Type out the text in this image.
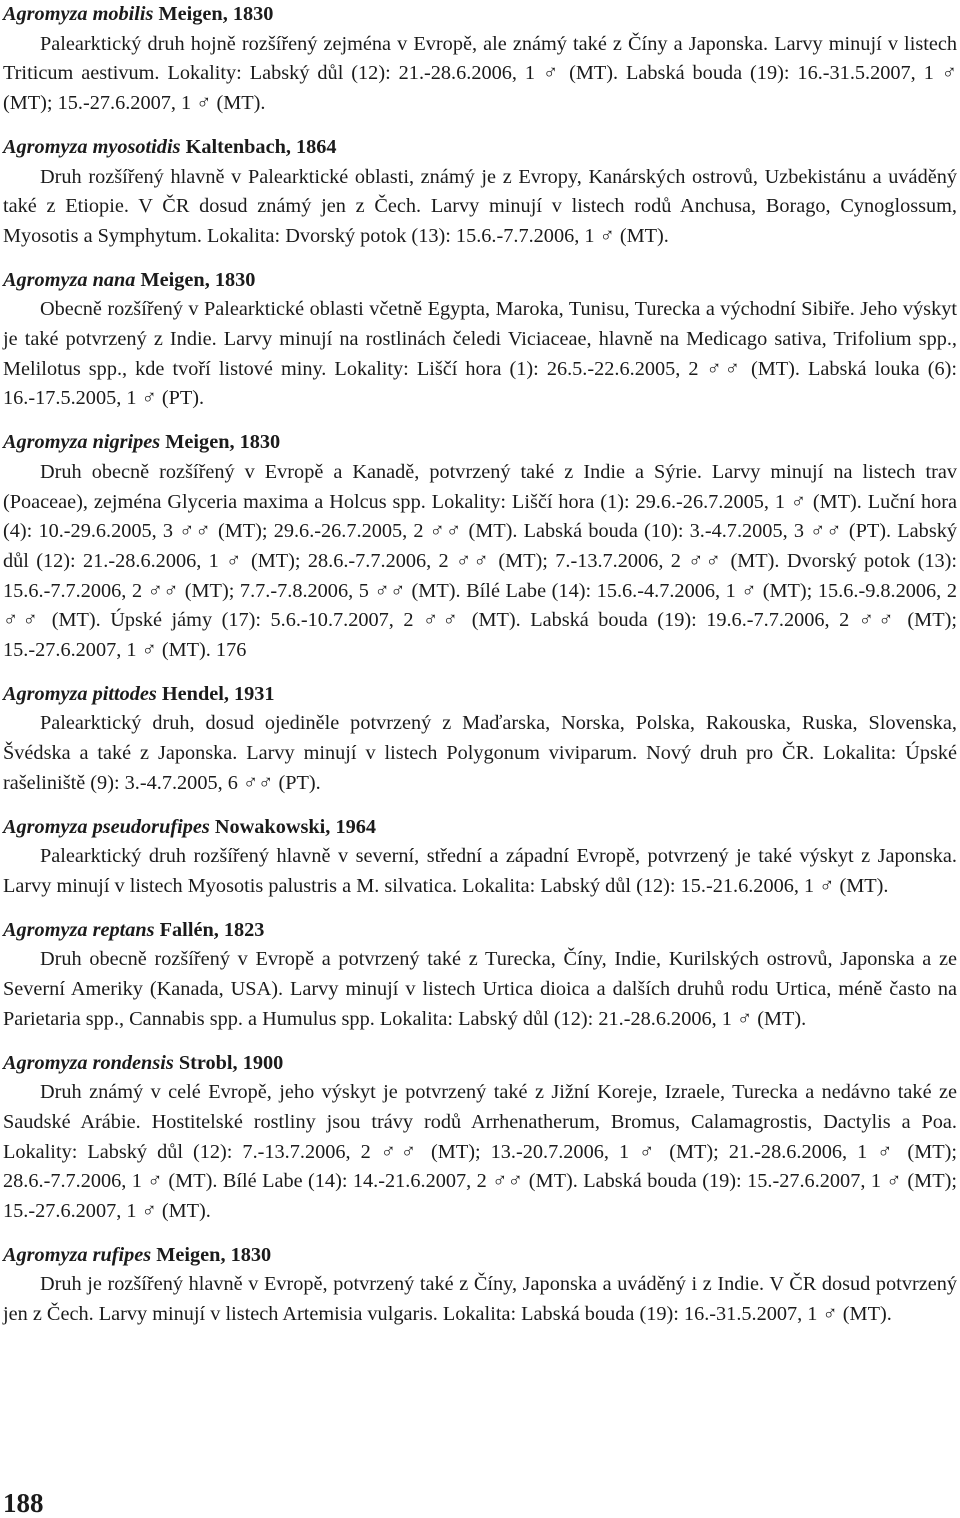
Agromyza mobilis Meigen, 1830

Palearktický druh hojně rozšířený zejména v Evropě, ale známý také z Číny a Japonska. Larvy minují v listech Triticum aestivum. Lokality: Labský důl (12): 21.-28.6.2006, 1 ♂ (MT). Labská bouda (19): 16.-31.5.2007, 1 ♂ (MT); 15.-27.6.2007, 1 ♂ (MT).

Agromyza myosotidis Kaltenbach, 1864

Druh rozšířený hlavně v Palearktické oblasti, známý je z Evropy, Kanárských ostrovů, Uzbekistánu a uváděný také z Etiopie. V ČR dosud známý jen z Čech. Larvy minují v listech rodů Anchusa, Borago, Cynoglossum, Myosotis a Symphytum. Lokalita: Dvorský potok (13): 15.6.-7.7.2006, 1 ♂ (MT).

Agromyza nana Meigen, 1830

Obecně rozšířený v Palearktické oblasti včetně Egypta, Maroka, Tunisu, Turecka a východní Sibiře. Jeho výskyt je také potvrzený z Indie. Larvy minují na rostlinách čeledi Viciaceae, hlavně na Medicago sativa, Trifolium spp., Melilotus spp., kde tvoří listové miny. Lokality: Liščí hora (1): 26.5.-22.6.2005, 2 ♂♂ (MT). Labská louka (6): 16.-17.5.2005, 1 ♂ (PT).

Agromyza nigripes Meigen, 1830

Druh obecně rozšířený v Evropě a Kanadě, potvrzený také z Indie a Sýrie. Larvy minují na listech trav (Poaceae), zejména Glyceria maxima a Holcus spp. Lokality: Liščí hora (1): 29.6.-26.7.2005, 1 ♂ (MT). Luční hora (4): 10.-29.6.2005, 3 ♂♂ (MT); 29.6.-26.7.2005, 2 ♂♂ (MT). Labská bouda (10): 3.-4.7.2005, 3 ♂♂ (PT). Labský důl (12): 21.-28.6.2006, 1 ♂ (MT); 28.6.-7.7.2006, 2 ♂♂ (MT); 7.-13.7.2006, 2 ♂♂ (MT). Dvorský potok (13): 15.6.-7.7.2006, 2 ♂♂ (MT); 7.7.-7.8.2006, 5 ♂♂ (MT). Bílé Labe (14): 15.6.-4.7.2006, 1 ♂ (MT); 15.6.-9.8.2006, 2 ♂♂ (MT). Úpské jámy (17): 5.6.-10.7.2007, 2 ♂♂ (MT). Labská bouda (19): 19.6.-7.7.2006, 2 ♂♂ (MT); 15.-27.6.2007, 1 ♂ (MT). 176

Agromyza pittodes Hendel, 1931

Palearktický druh, dosud ojediněle potvrzený z Maďarska, Norska, Polska, Rakouska, Ruska, Slovenska, Švédska a také z Japonska. Larvy minují v listech Polygonum viviparum. Nový druh pro ČR. Lokalita: Úpské rašeliniště (9): 3.-4.7.2005, 6 ♂♂ (PT).

Agromyza pseudorufipes Nowakowski, 1964

Palearktický druh rozšířený hlavně v severní, střední a západní Evropě, potvrzený je také výskyt z Japonska. Larvy minují v listech Myosotis palustris a M. silvatica. Lokalita: Labský důl (12): 15.-21.6.2006, 1 ♂ (MT).

Agromyza reptans Fallén, 1823

Druh obecně rozšířený v Evropě a potvrzený také z Turecka, Číny, Indie, Kurilských ostrovů, Japonska a ze Severní Ameriky (Kanada, USA). Larvy minují v listech Urtica dioica a dalších druhů rodu Urtica, méně často na Parietaria spp., Cannabis spp. a Humulus spp. Lokalita: Labský důl (12): 21.-28.6.2006, 1 ♂ (MT).

Agromyza rondensis Strobl, 1900

Druh známý v celé Evropě, jeho výskyt je potvrzený také z Jižní Koreje, Izraele, Turecka a nedávno také ze Saudské Arábie. Hostitelské rostliny jsou trávy rodů Arrhenatherum, Bromus, Calamagrostis, Dactylis a Poa. Lokality: Labský důl (12): 7.-13.7.2006, 2 ♂♂ (MT); 13.-20.7.2006, 1 ♂ (MT); 21.-28.6.2006, 1 ♂ (MT); 28.6.-7.7.2006, 1 ♂ (MT). Bílé Labe (14): 14.-21.6.2007, 2 ♂♂ (MT). Labská bouda (19): 15.-27.6.2007, 1 ♂ (MT); 15.-27.6.2007, 1 ♂ (MT).

Agromyza rufipes Meigen, 1830

Druh je rozšířený hlavně v Evropě, potvrzený také z Číny, Japonska a uváděný i z Indie. V ČR dosud potvrzený jen z Čech. Larvy minují v listech Artemisia vulgaris. Lokalita: Labská bouda (19): 16.-31.5.2007, 1 ♂ (MT).

188
